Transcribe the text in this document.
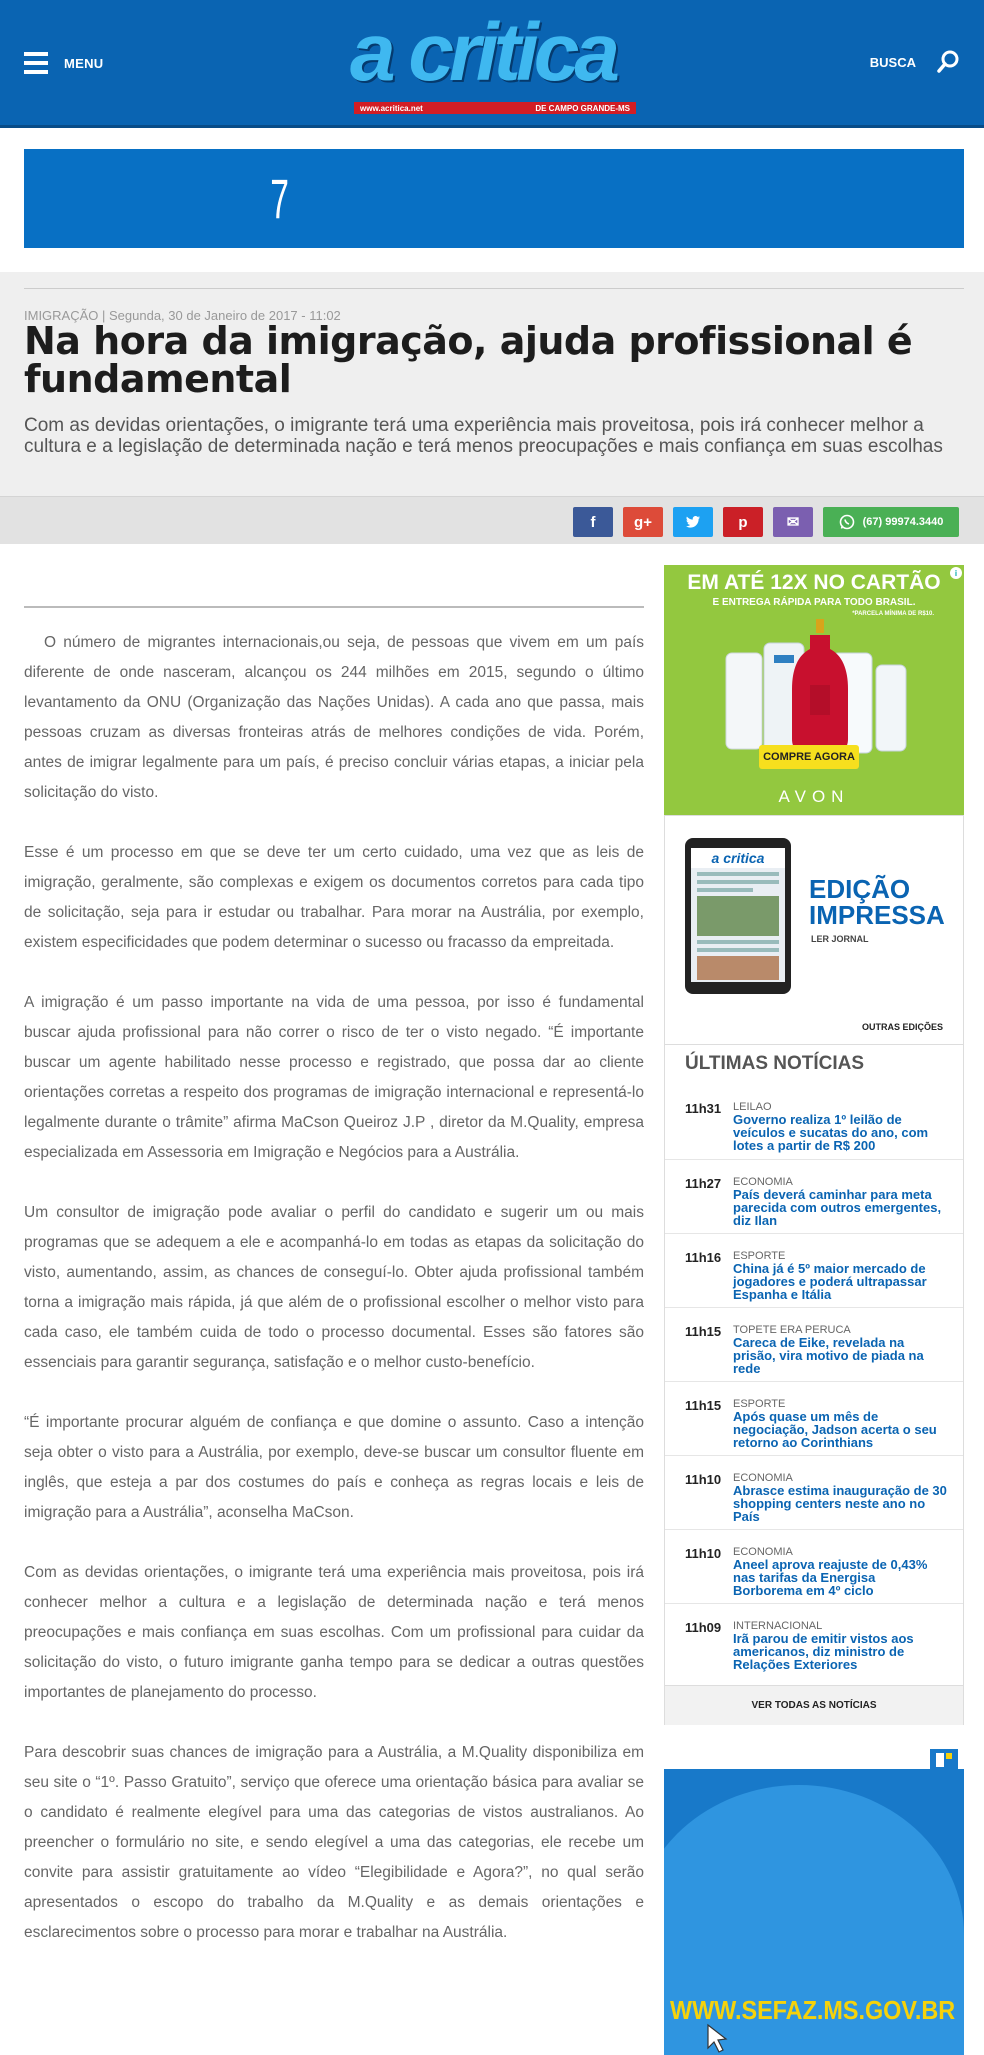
MENU	a critica
www.acritica.net	DE CAMPO GRANDE-MS
BUSCA
7
IMIGRAÇÃO | Segunda, 30 de Janeiro de 2017 - 11:02
Na hora da imigração, ajuda profissional é fundamental
Com as devidas orientações, o imigrante terá uma experiência mais proveitosa, pois irá conhecer melhor a cultura e a legislação de determinada nação e terá menos preocupações e mais confiança em suas escolhas
f	g+	p	✉	(67) 99974.3440

O número de migrantes internacionais,ou seja, de pessoas que vivem em um país diferente de onde nasceram, alcançou os 244 milhões em 2015, segundo o último levantamento da ONU (Organização das Nações Unidas). A cada ano que passa, mais pessoas cruzam as diversas fronteiras atrás de melhores condições de vida. Porém, antes de imigrar legalmente para um país, é preciso concluir várias etapas, a iniciar pela solicitação do visto.

Esse é um processo em que se deve ter um certo cuidado, uma vez que as leis de imigração, geralmente, são complexas e exigem os documentos corretos para cada tipo de solicitação, seja para ir estudar ou trabalhar. Para morar na Austrália, por exemplo, existem especificidades que podem determinar o sucesso ou fracasso da empreitada.

A imigração é um passo importante na vida de uma pessoa, por isso é fundamental buscar ajuda profissional para não correr o risco de ter o visto negado. “É importante buscar um agente habilitado nesse processo e registrado, que possa dar ao cliente orientações corretas a respeito dos programas de imigração internacional e representá-lo legalmente durante o trâmite” afirma MaCson Queiroz J.P , diretor da M.Quality, empresa especializada em Assessoria em Imigração e Negócios para a Austrália.

Um consultor de imigração pode avaliar o perfil do candidato e sugerir um ou mais programas que se adequem a ele e acompanhá-lo em todas as etapas da solicitação do visto, aumentando, assim, as chances de conseguí-lo. Obter ajuda profissional também torna a imigração mais rápida, já que além de o profissional escolher o melhor visto para cada caso, ele também cuida de todo o processo documental. Esses são fatores são essenciais para garantir segurança, satisfação e o melhor custo-benefício.

“É importante procurar alguém de confiança e que domine o assunto. Caso a intenção seja obter o visto para a Austrália, por exemplo, deve-se buscar um consultor fluente em inglês, que esteja a par dos costumes do país e conheça as regras locais e leis de imigração para a Austrália”, aconselha MaCson.

Com as devidas orientações, o imigrante terá uma experiência mais proveitosa, pois irá conhecer melhor a cultura e a legislação de determinada nação e terá menos preocupações e mais confiança em suas escolhas. Com um profissional para cuidar da solicitação do visto, o futuro imigrante ganha tempo para se dedicar a outras questões importantes de planejamento do processo.

Para descobrir suas chances de imigração para a Austrália, a M.Quality disponibiliza em seu site o “1º. Passo Gratuito”, serviço que oferece uma orientação básica para avaliar se o candidato é realmente elegível para uma das categorias de vistos australianos. Ao preencher o formulário no site, e sendo elegível a uma das categorias, ele recebe um convite para assistir gratuitamente ao vídeo “Elegibilidade e Agora?”, no qual serão apresentados o escopo do trabalho da M.Quality e as demais orientações e esclarecimentos sobre o processo para morar e trabalhar na Austrália.

i
EM ATÉ 12X NO CARTÃO
E ENTREGA RÁPIDA PARA TODO BRASIL.
*PARCELA MÍNIMA DE R$10.
COMPRE AGORA
AVON
a critica
EDIÇÃO
IMPRESSA
LER JORNAL
OUTRAS EDIÇÕES
ÚLTIMAS NOTÍCIAS
11h31 LEILAO
Governo realiza 1º leilão de veículos e sucatas do ano, com lotes a partir de R$ 200
11h27 ECONOMIA
País deverá caminhar para meta parecida com outros emergentes, diz Ilan
11h16 ESPORTE
China já é 5º maior mercado de jogadores e poderá ultrapassar Espanha e Itália
11h15 TOPETE ERA PERUCA
Careca de Eike, revelada na prisão, vira motivo de piada na rede
11h15 ESPORTE
Após quase um mês de negociação, Jadson acerta o seu retorno ao Corinthians
11h10 ECONOMIA
Abrasce estima inauguração de 30 shopping centers neste ano no País
11h10 ECONOMIA
Aneel aprova reajuste de 0,43% nas tarifas da Energisa Borborema em 4º ciclo
11h09 INTERNACIONAL
Irã parou de emitir vistos aos americanos, diz ministro de Relações Exteriores
VER TODAS AS NOTÍCIAS
WWW.SEFAZ.MS.GOV.BR
